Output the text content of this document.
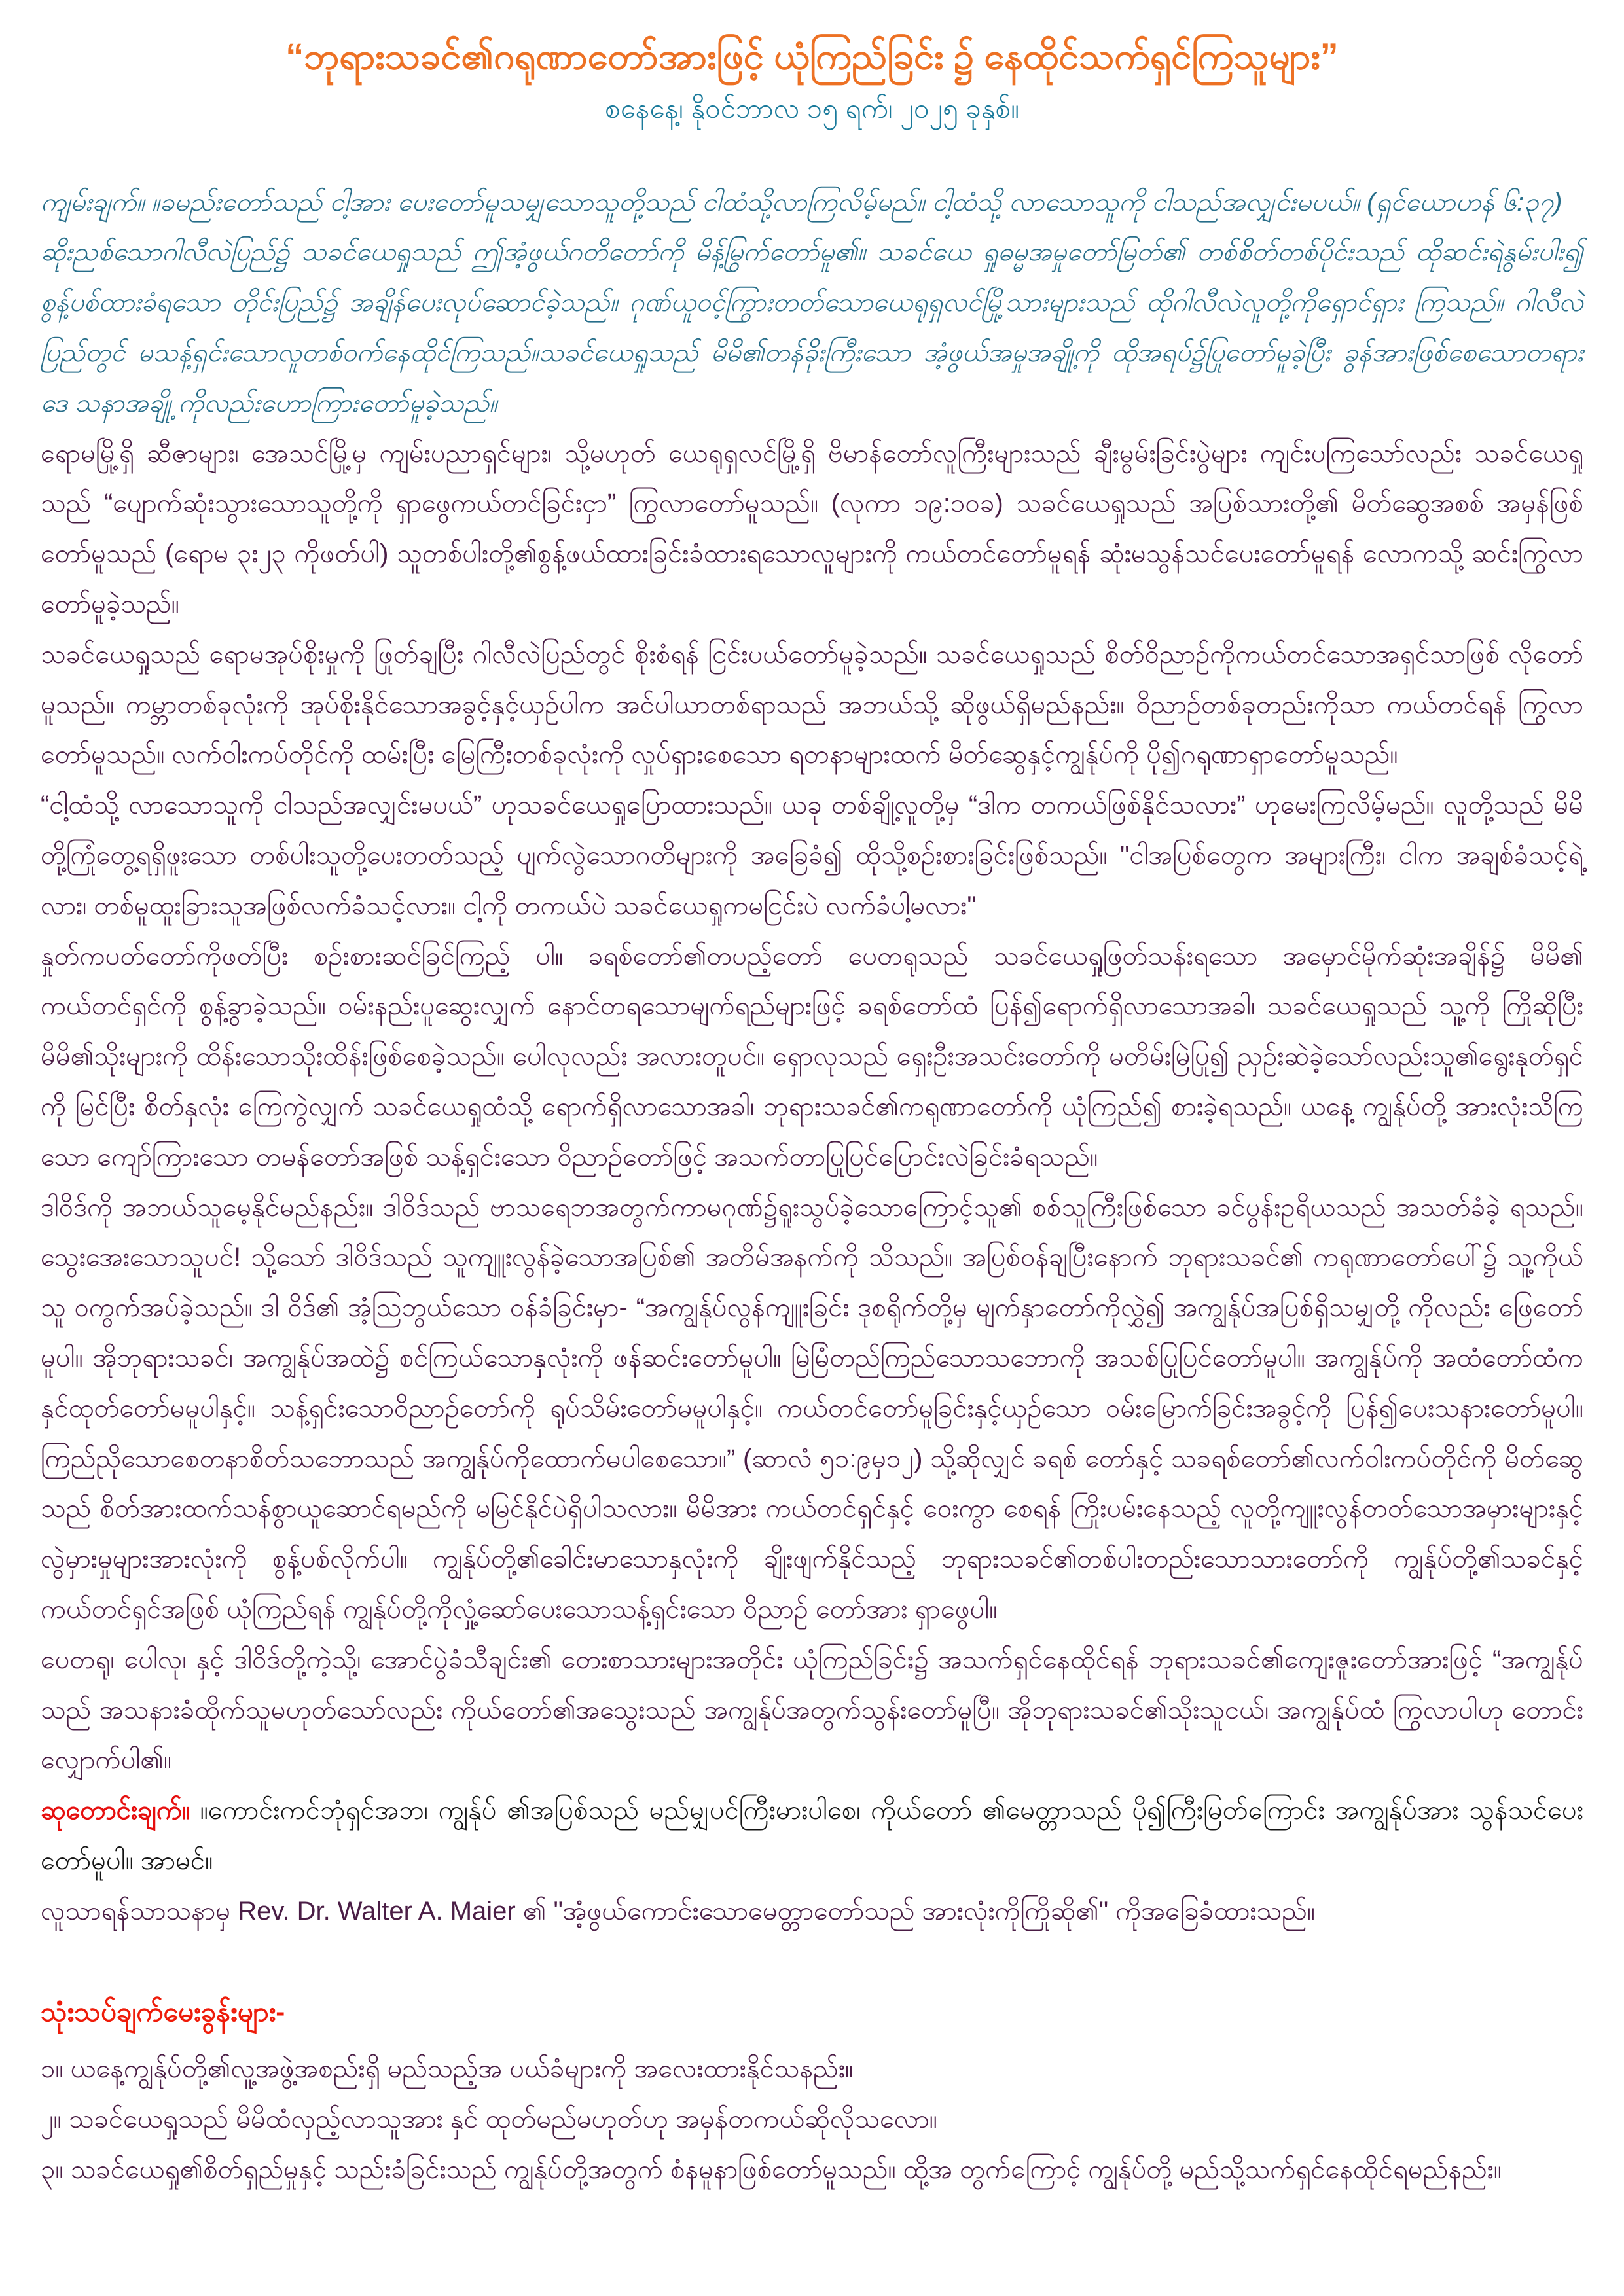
“ဘုရားသခင်၏ဂရုဏာတော်အားဖြင့် ယုံကြည်ခြင်း ၌ နေထိုင်သက်ရှင်ကြသူများ”
စနေနေ့၊ နိုဝင်ဘာလ ၁၅ ရက်၊ ၂၀၂၅ ခုနှစ်။

ကျမ်းချက်။ ။ခမည်းတော်သည် ငါ့အား ပေးတော်မူသမျှသောသူတို့သည် ငါထံသို့လာကြလိမ့်မည်။ ငါ့ထံသို့ လာသောသူကို ငါသည်အလျှင်းမပယ်။ (ရှင်ယောဟန် ၆:၃၇)

ဆိုးညစ်သောဂါလီလဲပြည်၌ သခင်ယေရှုသည် ဤအံ့ဖွယ်ဂတိတော်ကို မိန့်မြွက်တော်မူ၏။ သခင်ယေ ရှုဓမ္မအမှုတော်မြတ်၏ တစ်စိတ်တစ်ပိုင်းသည် ထိုဆင်းရဲနွမ်းပါး၍ စွန့်ပစ်ထားခံရသော တိုင်းပြည်၌ အချိန်ပေးလုပ်ဆောင်ခဲ့သည်။ ဂုဏ်ယူဝင့်ကြွားတတ်သောယေရုရှလင်မြို့သားများသည် ထိုဂါလီလဲလူတို့ကိုရှောင်ရှား ကြသည်။ ဂါလီလဲပြည်တွင် မသန့်ရှင်းသောလူတစ်ဝက်နေထိုင်ကြသည်။သခင်ယေရှုသည် မိမိ၏တန်ခိုးကြီးသော အံ့ဖွယ်အမှုအချို့ကို ထိုအရပ်၌ပြုတော်မူခဲ့ပြီး ခွန်အားဖြစ်စေသောတရားဒေ သနာအချို့ ကိုလည်းဟောကြားတော်မူခဲ့သည်။

ရောမမြို့ရှိ ဆီဇာများ၊ အေသင်မြို့မှ ကျမ်းပညာရှင်များ၊ သို့မဟုတ် ယေရုရှလင်မြို့ရှိ ဗိမာန်တော်လူကြီးများသည် ချီးမွမ်းခြင်းပွဲများ ကျင်းပကြသော်လည်း သခင်ယေရှုသည် “ပျောက်ဆုံးသွားသောသူတို့ကို ရှာဖွေကယ်တင်ခြင်းငှာ” ကြွလာတော်မူသည်။ (လုကာ ၁၉:၁၀ခ) သခင်ယေရှုသည် အပြစ်သားတို့၏ မိတ်ဆွေအစစ် အမှန်ဖြစ်တော်မူသည် (ရောမ ၃း၂၃ ကိုဖတ်ပါ) သူတစ်ပါးတို့၏စွန့်ဖယ်ထားခြင်းခံထားရသောလူများကို ကယ်တင်တော်မူရန် ဆုံးမသွန်သင်ပေးတော်မူရန် လောကသို့ ဆင်းကြွလာတော်မူခဲ့သည်။

သခင်ယေရှုသည် ရောမအုပ်စိုးမှုကို ဖြုတ်ချပြီး ဂါလီလဲပြည်တွင် စိုးစံရန် ငြင်းပယ်တော်မူခဲ့သည်။ သခင်ယေရှုသည် စိတ်ဝိညာဉ်ကိုကယ်တင်သောအရှင်သာဖြစ် လိုတော် မူသည်။ ကမ္ဘာတစ်ခုလုံးကို အုပ်စိုးနိုင်သောအခွင့်နှင့်ယှဉ်ပါက အင်ပါယာတစ်ရာသည် အဘယ်သို့ ဆိုဖွယ်ရှိမည်နည်း။ ဝိညာဉ်တစ်ခုတည်းကိုသာ ကယ်တင်ရန် ကြွလာတော်မူသည်။ လက်ဝါးကပ်တိုင်ကို ထမ်းပြီး မြေကြီးတစ်ခုလုံးကို လှုပ်ရှားစေသော ရတနာများထက် မိတ်ဆွေနှင့်ကျွန်ုပ်ကို ပို၍ဂရုဏာရှာတော်မူသည်။

“ငါ့ထံသို့ လာသောသူကို ငါသည်အလျှင်းမပယ်” ဟုသခင်ယေရှုပြောထားသည်။ ယခု တစ်ချို့လူတို့မှ “ဒါက တကယ်ဖြစ်နိုင်သလား” ဟုမေးကြလိမ့်မည်။ လူတို့သည် မိမိတို့ကြုံတွေ့ရရှိဖူးသော တစ်ပါးသူတို့ပေးတတ်သည့် ပျက်လွဲသောဂတိများကို အခြေခံ၍ ထိုသို့စဉ်းစားခြင်းဖြစ်သည်။ "ငါအပြစ်တွေက အများကြီး၊ ငါက အချစ်ခံသင့်ရဲ့လား၊ တစ်မူထူးခြားသူအဖြစ်လက်ခံသင့်လား။ ငါ့ကို တကယ်ပဲ သခင်ယေရှုကမငြင်းပဲ လက်ခံပါ့မလား"

နှုတ်ကပတ်တော်ကိုဖတ်ပြီး စဉ်းစားဆင်ခြင်ကြည့် ပါ။ ခရစ်တော်၏တပည့်တော် ပေတရုသည် သခင်ယေရှုဖြတ်သန်းရသော အမှောင်မိုက်ဆုံးအချိန်၌ မိမိ၏ ကယ်တင်ရှင်ကို စွန့်ခွာခဲ့သည်။ ဝမ်းနည်းပူဆွေးလျှက် နောင်တရသောမျက်ရည်များဖြင့် ခရစ်တော်ထံ ပြန်၍ရောက်ရှိလာသောအခါ၊ သခင်ယေရှုသည် သူ့ကို ကြိုဆိုပြီး မိမိ၏သိုးများကို ထိန်းသောသိုးထိန်းဖြစ်စေခဲ့သည်။ ပေါလုလည်း အလားတူပင်။ ရှောလုသည် ရှေးဦးအသင်းတော်ကို မတိမ်းမြဲပြု၍ ညှဉ်းဆဲခဲ့သော်လည်းသူ၏ရွေးနုတ်ရှင်ကို မြင်ပြီး စိတ်နှလုံး ကြေကွဲလျှက် သခင်ယေရှုထံသို့ ရောက်ရှိလာသောအခါ၊ ဘုရားသခင်၏ကရုဏာတော်ကို ယုံကြည်၍ စားခဲ့ရသည်။ ယနေ့ ကျွန်ုပ်တို့ အားလုံးသိကြသော ကျော်ကြားသော တမန်တော်အဖြစ် သန့်ရှင်းသော ဝိညာဉ်တော်ဖြင့် အသက်တာပြုပြင်ပြောင်းလဲခြင်းခံရသည်။

ဒါဝိဒ်ကို အဘယ်သူမေ့နိုင်မည်နည်း။ ဒါဝိဒ်သည် ဗာသရေဘအတွက်ကာမဂုဏ်၌ရူးသွပ်ခဲ့သောကြောင့်သူ၏ စစ်သူကြီးဖြစ်သော ခင်ပွန်းဥရိယသည် အသတ်ခံခဲ့ ရသည်။ သွေးအေးသောသူပင်! သို့သော် ဒါဝိဒ်သည် သူကျူးလွန်ခဲ့သောအပြစ်၏ အတိမ်အနက်ကို သိသည်။ အပြစ်ဝန်ချပြီးနောက် ဘုရားသခင်၏ ကရုဏာတော်ပေါ်၌ သူ့ကိုယ်သူ ဝကွက်အပ်ခဲ့သည်။ ဒါ ဝိဒ်၏ အံ့သြဘွယ်သော ဝန်ခံခြင်းမှာ- “အကျွန်ုပ်လွန်ကျူးခြင်း ဒုစရိုက်တို့မှ မျက်နှာတော်ကိုလွှဲ၍ အကျွန်ုပ်အပြစ်ရှိသမျှတို့ ကိုလည်း ဖြေတော်မူပါ။ အိုဘုရားသခင်၊ အကျွန်ုပ်အထဲ၌ စင်ကြယ်သောနှလုံးကို ဖန်ဆင်းတော်မူပါ။ မြဲမြံတည်ကြည်သောသဘောကို အသစ်ပြုပြင်တော်မူပါ။ အကျွန်ုပ်ကို အထံတော်ထံက နှင်ထုတ်တော်မမူပါနှင့်။ သန့်ရှင်းသောဝိညာဉ်တော်ကို ရုပ်သိမ်းတော်မမူပါနှင့်။ ကယ်တင်တော်မူခြင်းနှင့်ယှဉ်သော ဝမ်းမြောက်ခြင်းအခွင့်ကို ပြန်၍ပေးသနားတော်မူပါ။ ကြည်ညိုသောစေတနာစိတ်သဘောသည် အကျွန်ုပ်ကိုထောက်မပါစေသော။” (ဆာလံ ၅၁:၉မှ၁၂) သို့ဆိုလျှင် ခရစ် တော်နှင့် သခရစ်တော်၏လက်ဝါးကပ်တိုင်ကို မိတ်ဆွေသည် စိတ်အားထက်သန်စွာယူဆောင်ရမည်ကို မမြင်နိုင်ပဲရှိပါသလား။ မိမိအား ကယ်တင်ရှင်နှင့် ဝေးကွာ စေရန် ကြိုးပမ်းနေသည့် လူတို့ကျူးလွန်တတ်သောအမှားများနှင့် လွဲမှားမှုများအားလုံးကို စွန့်ပစ်လိုက်ပါ။ ကျွန်ုပ်တို့၏ခေါင်းမာသောနှလုံးကို ချိုးဖျက်နိုင်သည့် ဘုရားသခင်၏တစ်ပါးတည်းသောသားတော်ကို ကျွန်ုပ်တို့၏သခင်နှင့် ကယ်တင်ရှင်အဖြစ် ယုံကြည်ရန် ကျွန်ုပ်တို့ကိုလှုံ့ဆော်ပေးသောသန့်ရှင်းသော ဝိညာဉ် တော်အား ရှာဖွေပါ။

ပေတရု၊ ပေါလု၊ နှင့် ဒါဝိဒ်တို့ကဲ့သို့၊ အောင်ပွဲခံသီချင်း၏ တေးစာသားများအတိုင်း ယုံကြည်ခြင်း၌ အသက်ရှင်နေထိုင်ရန် ဘုရားသခင်၏ကျေးဇူးတော်အားဖြင့် “အကျွန်ုပ်သည် အသနားခံထိုက်သူမဟုတ်သော်လည်း ကိုယ်တော်၏အသွေးသည် အကျွန်ုပ်အတွက်သွန်းတော်မူပြီ။ အိုဘုရားသခင်၏သိုးသူငယ်၊ အကျွန်ုပ်ထံ ကြွလာပါဟု တောင်းလျှောက်ပါ၏။

ဆုတောင်းချက်။ ။ကောင်းကင်ဘုံရှင်အဘ၊ ကျွန်ုပ် ၏အပြစ်သည် မည်မျှပင်ကြီးမားပါစေ၊ ကိုယ်တော် ၏မေတ္တာသည် ပို၍ကြီးမြတ်ကြောင်း အကျွန်ုပ်အား သွန်သင်ပေးတော်မူပါ။ အာမင်။

လူသာရန်သာသနာမှ Rev. Dr. Walter A. Maier ၏ "အံ့ဖွယ်ကောင်းသောမေတ္တာတော်သည် အားလုံးကိုကြိုဆို၏" ကိုအခြေခံထားသည်။

သုံးသပ်ချက်မေးခွန်းများ-

၁။ ယနေ့ကျွန်ုပ်တို့၏လူ့အဖွဲ့အစည်းရှိ မည်သည့်အ ပယ်ခံများကို အလေးထားနိုင်သနည်း။

၂။ သခင်ယေရှုသည် မိမိထံလှည့်လာသူအား နှင် ထုတ်မည်မဟုတ်ဟု အမှန်တကယ်ဆိုလိုသလော။

၃။ သခင်ယေရှု၏စိတ်ရှည်မှုနှင့် သည်းခံခြင်းသည် ကျွန်ုပ်တို့အတွက် စံနမူနာဖြစ်တော်မူသည်။ ထို့အ တွက်ကြောင့် ကျွန်ုပ်တို့ မည်သို့သက်ရှင်နေထိုင်ရမည်နည်း။
